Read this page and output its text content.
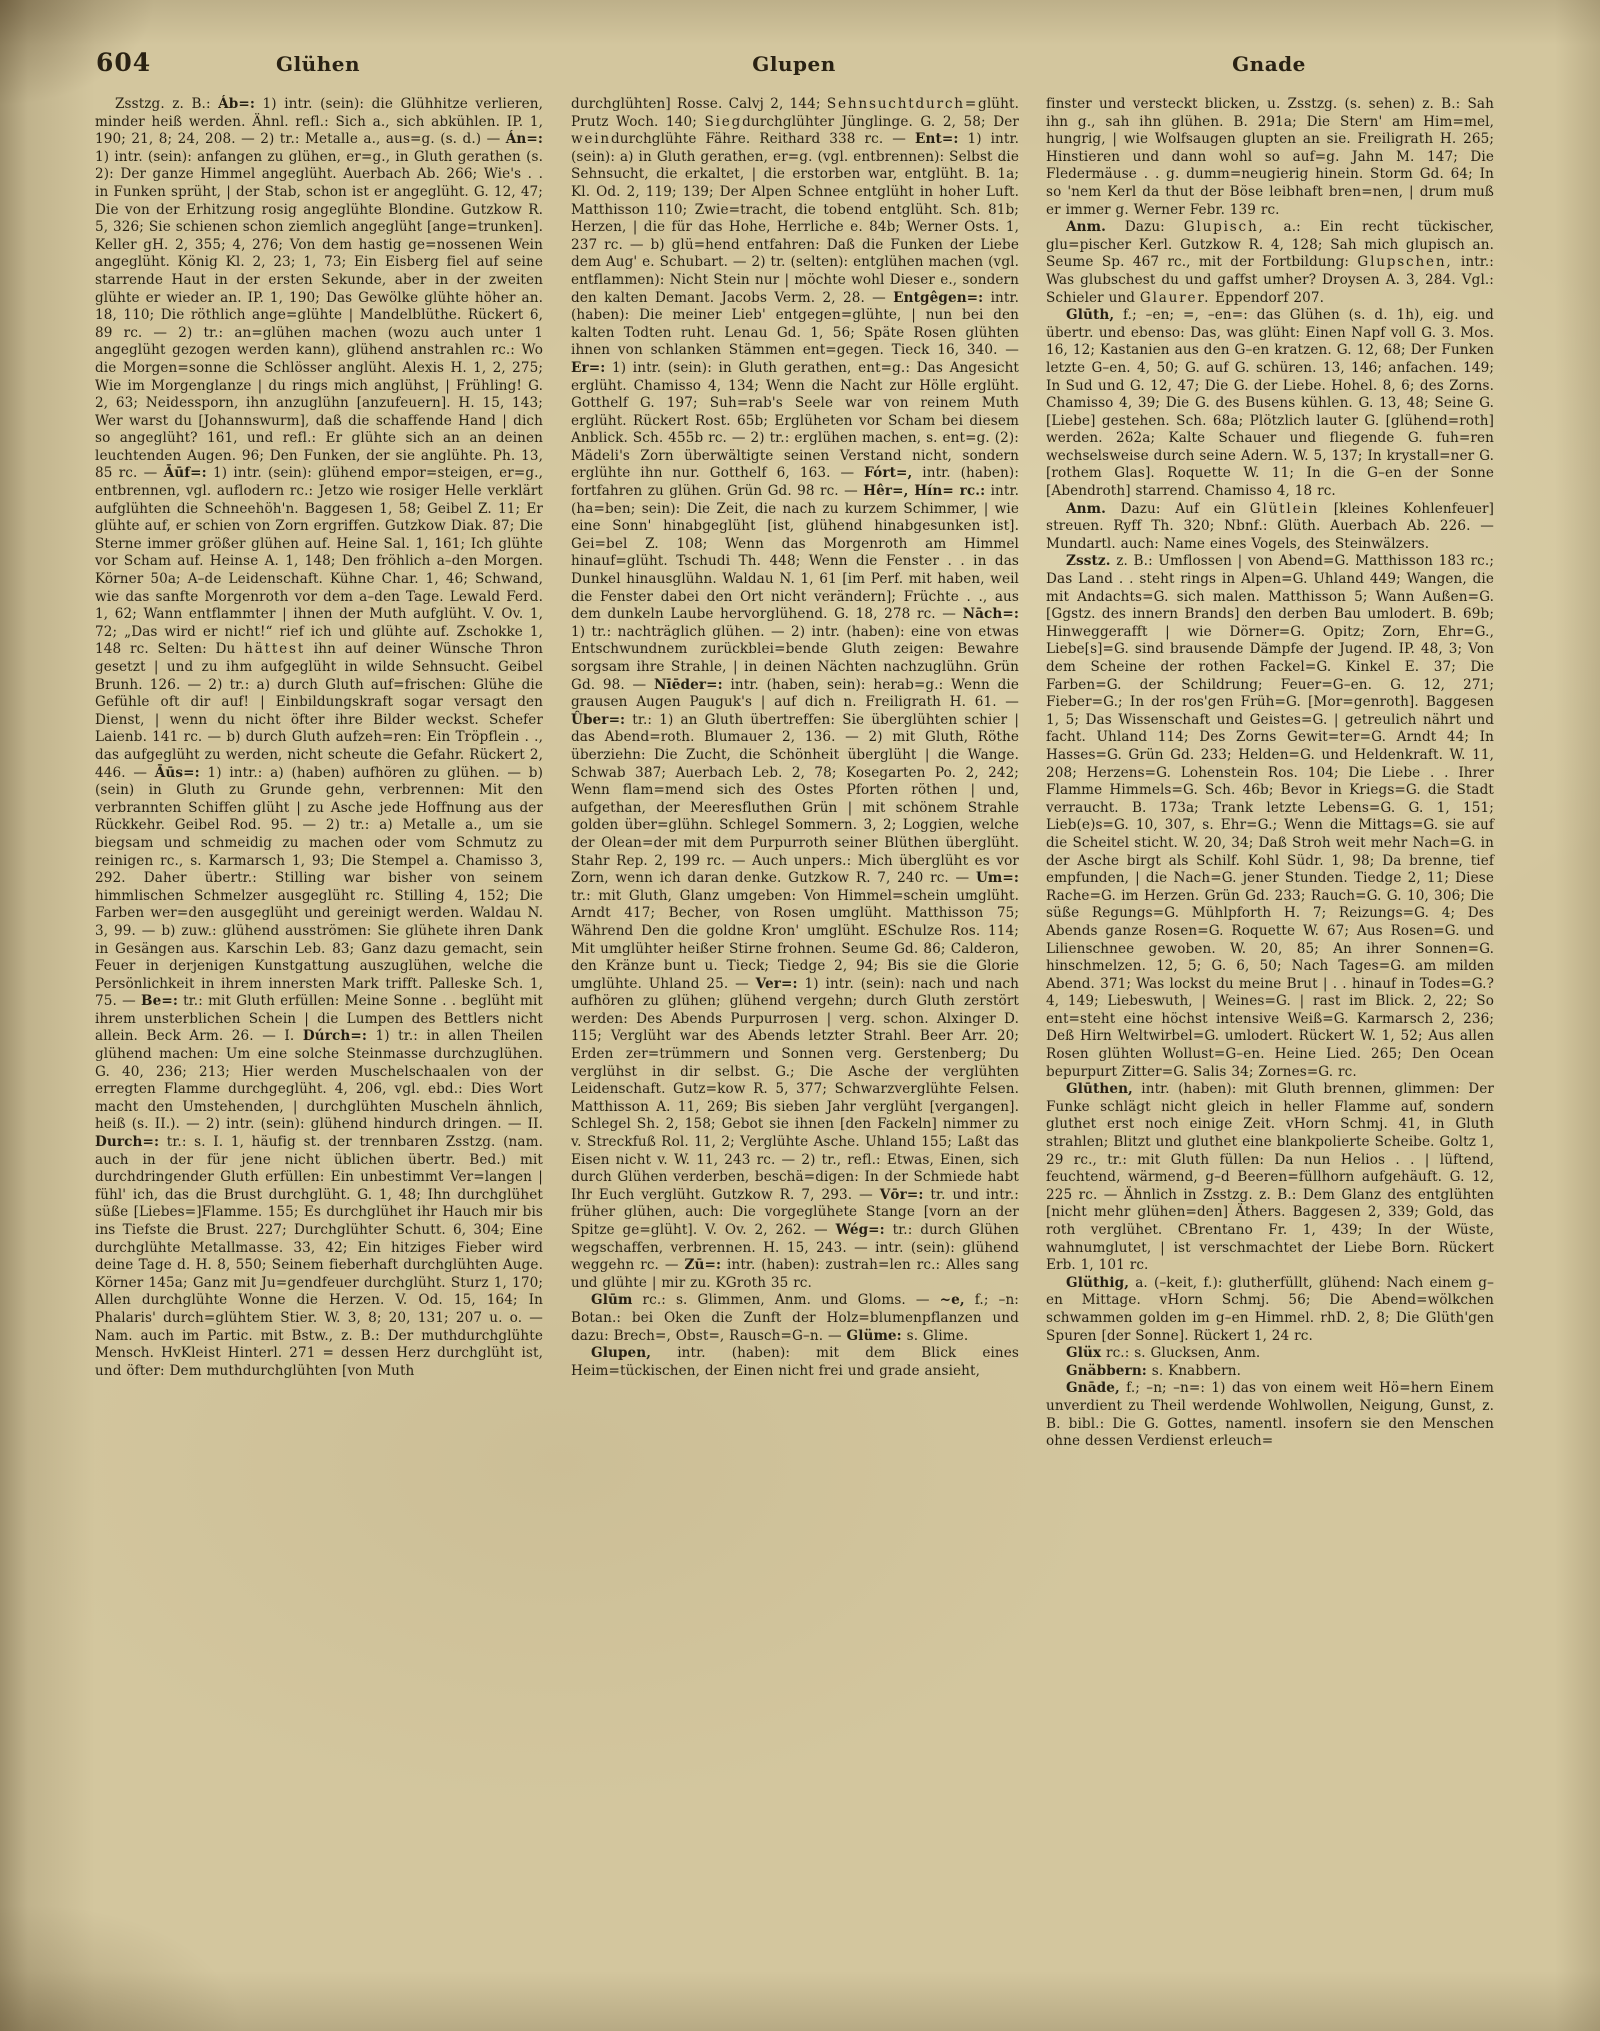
604	Glühen	Glupen	Gnade

Zsstzg. z. B.: Áb=: 1) intr. (sein): die Glühhitze verlieren, minder heiß werden. Ähnl. refl.: Sich a., sich abkühlen. IP. 1, 190; 21, 8; 24, 208. — 2) tr.: Metalle a., aus=g. (s. d.) — Án=: 1) intr. (sein): anfangen zu glühen, er=g., in Gluth gerathen (s. 2): Der ganze Himmel angeglüht. Auerbach Ab. 266; Wie's . . in Funken sprüht, | der Stab, schon ist er angeglüht. G. 12, 47; Die von der Erhitzung rosig angeglühte Blondine. Gutzkow R. 5, 326; Sie schienen schon ziemlich angeglüht [ange=trunken]. Keller gH. 2, 355; 4, 276; Von dem hastig ge=nossenen Wein angeglüht. König Kl. 2, 23; 1, 73; Ein Eisberg fiel auf seine starrende Haut in der ersten Sekunde, aber in der zweiten glühte er wieder an. IP. 1, 190; Das Gewölke glühte höher an. 18, 110; Die röthlich ange=glühte | Mandelblüthe. Rückert 6, 89 rc. — 2) tr.: an=glühen machen (wozu auch unter 1 angeglüht gezogen werden kann), glühend anstrahlen rc.: Wo die Morgen=sonne die Schlösser anglüht. Alexis H. 1, 2, 275; Wie im Morgenglanze | du rings mich anglühst, | Frühling! G. 2, 63; Neidessporn, ihn anzuglühn [anzufeuern]. H. 15, 143; Wer warst du [Johannswurm], daß die schaffende Hand | dich so angeglüht? 161, und refl.: Er glühte sich an an deinen leuchtenden Augen. 96; Den Funken, der sie anglühte. Ph. 13, 85 rc. — Āūf=: 1) intr. (sein): glühend empor=steigen, er=g., entbrennen, vgl. auflodern rc.: Jetzo wie rosiger Helle verklärt aufglühten die Schneehöh'n. Baggesen 1, 58; Geibel Z. 11; Er glühte auf, er schien von Zorn ergriffen. Gutzkow Diak. 87; Die Sterne immer größer glühen auf. Heine Sal. 1, 161; Ich glühte vor Scham auf. Heinse A. 1, 148; Den fröhlich a–den Morgen. Körner 50a; A–de Leidenschaft. Kühne Char. 1, 46; Schwand, wie das sanfte Morgenroth vor dem a–den Tage. Lewald Ferd. 1, 62; Wann entflammter | ihnen der Muth aufglüht. V. Ov. 1, 72; „Das wird er nicht!“ rief ich und glühte auf. Zschokke 1, 148 rc. Selten: Du hättest ihn auf deiner Wünsche Thron gesetzt | und zu ihm aufgeglüht in wilde Sehnsucht. Geibel Brunh. 126. — 2) tr.: a) durch Gluth auf=frischen: Glühe die Gefühle oft dir auf! | Einbildungskraft sogar versagt den Dienst, | wenn du nicht öfter ihre Bilder weckst. Schefer Laienb. 141 rc. — b) durch Gluth aufzeh=ren: Ein Tröpflein . ., das aufgeglüht zu werden, nicht scheute die Gefahr. Rückert 2, 446. — Āūs=: 1) intr.: a) (haben) aufhören zu glühen. — b) (sein) in Gluth zu Grunde gehn, verbrennen: Mit den verbrannten Schiffen glüht | zu Asche jede Hoffnung aus der Rückkehr. Geibel Rod. 95. — 2) tr.: a) Metalle a., um sie biegsam und schmeidig zu machen oder vom Schmutz zu reinigen rc., s. Karmarsch 1, 93; Die Stempel a. Chamisso 3, 292. Daher übertr.: Stilling war bisher von seinem himmlischen Schmelzer ausgeglüht rc. Stilling 4, 152; Die Farben wer=den ausgeglüht und gereinigt werden. Waldau N. 3, 99. — b) zuw.: glühend ausströmen: Sie glühete ihren Dank in Gesängen aus. Karschin Leb. 83; Ganz dazu gemacht, sein Feuer in derjenigen Kunstgattung auszuglühen, welche die Persönlichkeit in ihrem innersten Mark trifft. Palleske Sch. 1, 75. — Be=: tr.: mit Gluth erfüllen: Meine Sonne . . beglüht mit ihrem unsterblichen Schein | die Lumpen des Bettlers nicht allein. Beck Arm. 26. — I. Dúrch=: 1) tr.: in allen Theilen glühend machen: Um eine solche Steinmasse durchzuglühen. G. 40, 236; 213; Hier werden Muschelschaalen von der erregten Flamme durchgeglüht. 4, 206, vgl. ebd.: Dies Wort macht den Umstehenden, | durchglühten Muscheln ähnlich, heiß (s. II.). — 2) intr. (sein): glühend hindurch dringen. — II. Durch=: tr.: s. I. 1, häufig st. der trennbaren Zsstzg. (nam. auch in der für jene nicht üblichen übertr. Bed.) mit durchdringender Gluth erfüllen: Ein unbestimmt Ver=langen | fühl' ich, das die Brust durchglüht. G. 1, 48; Ihn durchglühet süße [Liebes=]Flamme. 155; Es durchglühet ihr Hauch mir bis ins Tiefste die Brust. 227; Durchglühter Schutt. 6, 304; Eine durchglühte Metallmasse. 33, 42; Ein hitziges Fieber wird deine Tage d. H. 8, 550; Seinem fieberhaft durchglühten Auge. Körner 145a; Ganz mit Ju=gendfeuer durchglüht. Sturz 1, 170; Allen durchglühte Wonne die Herzen. V. Od. 15, 164; In Phalaris' durch=glühtem Stier. W. 3, 8; 20, 131; 207 u. o. — Nam. auch im Partic. mit Bstw., z. B.: Der muthdurchglühte Mensch. HvKleist Hinterl. 271 = dessen Herz durchglüht ist, und öfter: Dem muthdurchglühten [von Muth

durchglühten] Rosse. Calvj 2, 144; Sehnsuchtdurch=glüht. Prutz Woch. 140; Siegdurchglühter Jünglinge. G. 2, 58; Der weindurchglühte Fähre. Reithard 338 rc. — Ent=: 1) intr. (sein): a) in Gluth gerathen, er=g. (vgl. entbrennen): Selbst die Sehnsucht, die erkaltet, | die erstorben war, entglüht. B. 1a; Kl. Od. 2, 119; 139; Der Alpen Schnee entglüht in hoher Luft. Matthisson 110; Zwie=tracht, die tobend entglüht. Sch. 81b; Herzen, | die für das Hohe, Herrliche e. 84b; Werner Osts. 1, 237 rc. — b) glü=hend entfahren: Daß die Funken der Liebe dem Aug' e. Schubart. — 2) tr. (selten): entglühen machen (vgl. entflammen): Nicht Stein nur | möchte wohl Dieser e., sondern den kalten Demant. Jacobs Verm. 2, 28. — Entgêgen=: intr. (haben): Die meiner Lieb' entgegen=glühte, | nun bei den kalten Todten ruht. Lenau Gd. 1, 56; Späte Rosen glühten ihnen von schlanken Stämmen ent=gegen. Tieck 16, 340. — Er=: 1) intr. (sein): in Gluth gerathen, ent=g.: Das Angesicht erglüht. Chamisso 4, 134; Wenn die Nacht zur Hölle erglüht. Gotthelf G. 197; Suh=rab's Seele war von reinem Muth erglüht. Rückert Rost. 65b; Erglüheten vor Scham bei diesem Anblick. Sch. 455b rc. — 2) tr.: erglühen machen, s. ent=g. (2): Mädeli's Zorn überwältigte seinen Verstand nicht, sondern erglühte ihn nur. Gotthelf 6, 163. — Fórt=, intr. (haben): fortfahren zu glühen. Grün Gd. 98 rc. — Hêr=, Hín= rc.: intr. (ha=ben; sein): Die Zeit, die nach zu kurzem Schimmer, | wie eine Sonn' hinabgeglüht [ist, glühend hinabgesunken ist]. Gei=bel Z. 108; Wenn das Morgenroth am Himmel hinauf=glüht. Tschudi Th. 448; Wenn die Fenster . . in das Dunkel hinausglühn. Waldau N. 1, 61 [im Perf. mit haben, weil die Fenster dabei den Ort nicht verändern]; Früchte . ., aus dem dunkeln Laube hervorglühend. G. 18, 278 rc. — Nāch=: 1) tr.: nachträglich glühen. — 2) intr. (haben): eine von etwas Entschwundnem zurückblei=bende Gluth zeigen: Bewahre sorgsam ihre Strahle, | in deinen Nächten nachzuglühn. Grün Gd. 98. — Nīēder=: intr. (haben, sein): herab=g.: Wenn die grausen Augen Pauguk's | auf dich n. Freiligrath H. 61. — Ûber=: tr.: 1) an Gluth übertreffen: Sie überglühten schier | das Abend=roth. Blumauer 2, 136. — 2) mit Gluth, Röthe überziehn: Die Zucht, die Schönheit überglüht | die Wange. Schwab 387; Auerbach Leb. 2, 78; Kosegarten Po. 2, 242; Wenn flam=mend sich des Ostes Pforten röthen | und, aufgethan, der Meeresfluthen Grün | mit schönem Strahle golden über=glühn. Schlegel Sommern. 3, 2; Loggien, welche der Olean=der mit dem Purpurroth seiner Blüthen überglüht. Stahr Rep. 2, 199 rc. — Auch unpers.: Mich überglüht es vor Zorn, wenn ich daran denke. Gutzkow R. 7, 240 rc. — Um=: tr.: mit Gluth, Glanz umgeben: Von Himmel=schein umglüht. Arndt 417; Becher, von Rosen umglüht. Matthisson 75; Während Den die goldne Kron' umglüht. ESchulze Ros. 114; Mit umglühter heißer Stirne frohnen. Seume Gd. 86; Calderon, den Kränze bunt u. Tieck; Tiedge 2, 94; Bis sie die Glorie umglühte. Uhland 25. — Ver=: 1) intr. (sein): nach und nach aufhören zu glühen; glühend vergehn; durch Gluth zerstört werden: Des Abends Purpurrosen | verg. schon. Alxinger D. 115; Verglüht war des Abends letzter Strahl. Beer Arr. 20; Erden zer=trümmern und Sonnen verg. Gerstenberg; Du verglühst in dir selbst. G.; Die Asche der verglühten Leidenschaft. Gutz=kow R. 5, 377; Schwarzverglühte Felsen. Matthisson A. 11, 269; Bis sieben Jahr verglüht [vergangen]. Schlegel Sh. 2, 158; Gebot sie ihnen [den Fackeln] nimmer zu v. Streckfuß Rol. 11, 2; Verglühte Asche. Uhland 155; Laßt das Eisen nicht v. W. 11, 243 rc. — 2) tr., refl.: Etwas, Einen, sich durch Glühen verderben, beschä=digen: In der Schmiede habt Ihr Euch verglüht. Gutzkow R. 7, 293. — Vōr=: tr. und intr.: früher glühen, auch: Die vorgeglühete Stange [vorn an der Spitze ge=glüht]. V. Ov. 2, 262. — Wég=: tr.: durch Glühen wegschaffen, verbrennen. H. 15, 243. — intr. (sein): glühend weggehn rc. — Zū=: intr. (haben): zustrah=len rc.: Alles sang und glühte | mir zu. KGroth 35 rc.

Glūm rc.: s. Glimmen, Anm. und Gloms. — ~e, f.; –n: Botan.: bei Oken die Zunft der Holz=blumenpflanzen und dazu: Brech=, Obst=, Rausch=G–n. — Glüme: s. Glime.

Glupen, intr. (haben): mit dem Blick eines Heim=tückischen, der Einen nicht frei und grade ansieht,

finster und versteckt blicken, u. Zsstzg. (s. sehen) z. B.: Sah ihn g., sah ihn glühen. B. 291a; Die Stern' am Him=mel, hungrig, | wie Wolfsaugen glupten an sie. Freiligrath H. 265; Hinstieren und dann wohl so auf=g. Jahn M. 147; Die Fledermäuse . . g. dumm=neugierig hinein. Storm Gd. 64; In so 'nem Kerl da thut der Böse leibhaft bren=nen, | drum muß er immer g. Werner Febr. 139 rc.

Anm. Dazu: Glupisch, a.: Ein recht tückischer, glu=pischer Kerl. Gutzkow R. 4, 128; Sah mich glupisch an. Seume Sp. 467 rc., mit der Fortbildung: Glupschen, intr.: Was glubschest du und gaffst umher? Droysen A. 3, 284. Vgl.: Schieler und Glaurer. Eppendorf 207.

Glūth, f.; –en; =, –en=: das Glühen (s. d. 1h), eig. und übertr. und ebenso: Das, was glüht: Einen Napf voll G. 3. Mos. 16, 12; Kastanien aus den G–en kratzen. G. 12, 68; Der Funken letzte G–en. 4, 50; G. auf G. schüren. 13, 146; anfachen. 149; In Sud und G. 12, 47; Die G. der Liebe. Hohel. 8, 6; des Zorns. Chamisso 4, 39; Die G. des Busens kühlen. G. 13, 48; Seine G. [Liebe] gestehen. Sch. 68a; Plötzlich lauter G. [glühend=roth] werden. 262a; Kalte Schauer und fliegende G. fuh=ren wechselsweise durch seine Adern. W. 5, 137; In krystall=ner G. [rothem Glas]. Roquette W. 11; In die G–en der Sonne [Abendroth] starrend. Chamisso 4, 18 rc.

Anm. Dazu: Auf ein Glütlein [kleines Kohlenfeuer] streuen. Ryff Th. 320; Nbnf.: Glüth. Auerbach Ab. 226. — Mundartl. auch: Name eines Vogels, des Steinwälzers.

Zsstz. z. B.: Umflossen | von Abend=G. Matthisson 183 rc.; Das Land . . steht rings in Alpen=G. Uhland 449; Wangen, die mit Andachts=G. sich malen. Matthisson 5; Wann Außen=G. [Ggstz. des innern Brands] den derben Bau umlodert. B. 69b; Hinweggerafft | wie Dörner=G. Opitz; Zorn, Ehr=G., Liebe[s]=G. sind brausende Dämpfe der Jugend. IP. 48, 3; Von dem Scheine der rothen Fackel=G. Kinkel E. 37; Die Farben=G. der Schildrung; Feuer=G–en. G. 12, 271; Fieber=G.; In der ros'gen Früh=G. [Mor=genroth]. Baggesen 1, 5; Das Wissenschaft und Geistes=G. | getreulich nährt und facht. Uhland 114; Des Zorns Gewit=ter=G. Arndt 44; In Hasses=G. Grün Gd. 233; Helden=G. und Heldenkraft. W. 11, 208; Herzens=G. Lohenstein Ros. 104; Die Liebe . . Ihrer Flamme Himmels=G. Sch. 46b; Bevor in Kriegs=G. die Stadt verraucht. B. 173a; Trank letzte Lebens=G. G. 1, 151; Lieb(e)s=G. 10, 307, s. Ehr=G.; Wenn die Mittags=G. sie auf die Scheitel sticht. W. 20, 34; Daß Stroh weit mehr Nach=G. in der Asche birgt als Schilf. Kohl Südr. 1, 98; Da brenne, tief empfunden, | die Nach=G. jener Stunden. Tiedge 2, 11; Diese Rache=G. im Herzen. Grün Gd. 233; Rauch=G. G. 10, 306; Die süße Regungs=G. Mühlpforth H. 7; Reizungs=G. 4; Des Abends ganze Rosen=G. Roquette W. 67; Aus Rosen=G. und Lilienschnee gewoben. W. 20, 85; An ihrer Sonnen=G. hinschmelzen. 12, 5; G. 6, 50; Nach Tages=G. am milden Abend. 371; Was lockst du meine Brut | . . hinauf in Todes=G.? 4, 149; Liebeswuth, | Weines=G. | rast im Blick. 2, 22; So ent=steht eine höchst intensive Weiß=G. Karmarsch 2, 236; Deß Hirn Weltwirbel=G. umlodert. Rückert W. 1, 52; Aus allen Rosen glühten Wollust=G–en. Heine Lied. 265; Den Ocean bepurpurt Zitter=G. Salis 34; Zornes=G. rc.

Glūthen, intr. (haben): mit Gluth brennen, glimmen: Der Funke schlägt nicht gleich in heller Flamme auf, sondern gluthet erst noch einige Zeit. vHorn Schmj. 41, in Gluth strahlen; Blitzt und gluthet eine blankpolierte Scheibe. Goltz 1, 29 rc., tr.: mit Gluth füllen: Da nun Helios . . | lüftend, feuchtend, wärmend, g–d Beeren=füllhorn aufgehäuft. G. 12, 225 rc. — Ähnlich in Zsstzg. z. B.: Dem Glanz des entglühten [nicht mehr glühen=den] Äthers. Baggesen 2, 339; Gold, das roth verglühet. CBrentano Fr. 1, 439; In der Wüste, wahnumglutet, | ist verschmachtet der Liebe Born. Rückert Erb. 1, 101 rc.

Glüthig, a. (–keit, f.): glutherfüllt, glühend: Nach einem g–en Mittage. vHorn Schmj. 56; Die Abend=wölkchen schwammen golden im g–en Himmel. rhD. 2, 8; Die Glüth'gen Spuren [der Sonne]. Rückert 1, 24 rc.

Glüx rc.: s. Glucksen, Anm.

Gnäbbern: s. Knabbern.

Gnāde, f.; –n; –n=: 1) das von einem weit Hö=hern Einem unverdient zu Theil werdende Wohlwollen, Neigung, Gunst, z. B. bibl.: Die G. Gottes, namentl. insofern sie den Menschen ohne dessen Verdienst erleuch=
